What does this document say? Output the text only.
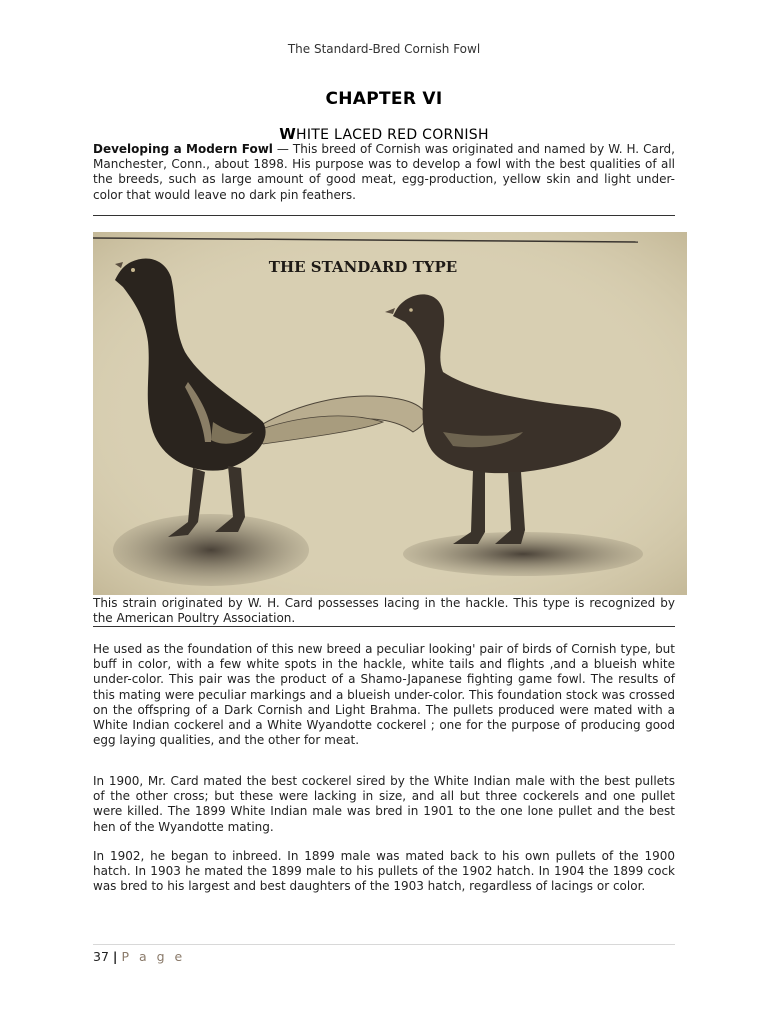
The Standard-Bred Cornish Fowl
CHAPTER VI
WHITE LACED RED CORNISH

Developing a Modern Fowl — This breed of Cornish was originated and named by W. H. Card, Manchester, Conn., about 1898. His purpose was to develop a fowl with the best qualities of all the breeds, such as large amount of good meat, egg-production, yellow skin and light under-color that would leave no dark pin feathers.

THE STANDARD TYPE

This strain originated by W. H. Card possesses lacing in the hackle. This type is recognized by the American Poultry Association.

He used as the foundation of this new breed a peculiar looking' pair of birds of Cornish type, but buff in color, with a few white spots in the hackle, white tails and flights ,and a blueish white under-color. This pair was the product of a Shamo-Japanese fighting game fowl. The results of this mating were peculiar markings and a blueish under-color. This foundation stock was crossed on the offspring of a Dark Cornish and Light Brahma. The pullets produced were mated with a White Indian cockerel and a White Wyandotte cockerel ; one for the purpose of producing good egg laying qualities, and the other for meat.

In 1900, Mr. Card mated the best cockerel sired by the White Indian male with the best pullets of the other cross; but these were lacking in size, and all but three cockerels and one pullet were killed. The 1899 White Indian male was bred in 1901 to the one lone pullet and the best hen of the Wyandotte mating.

In 1902, he began to inbreed. In 1899 male was mated back to his own pullets of the 1900 hatch. In 1903 he mated the 1899 male to his pullets of the 1902 hatch. In 1904 the 1899 cock was bred to his largest and best daughters of the 1903 hatch, regardless of lacings or color.

37 | P a g e
